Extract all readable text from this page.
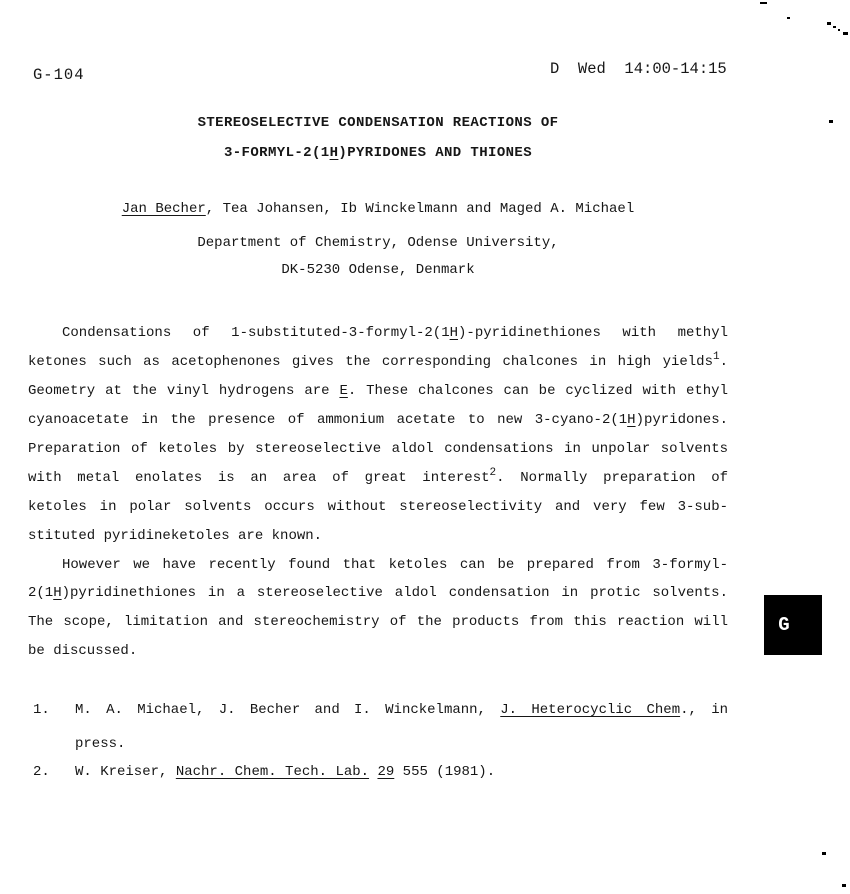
G-104	D  Wed  14:00-14:15
STEREOSELECTIVE CONDENSATION REACTIONS OF
3-FORMYL-2(1H)PYRIDONES AND THIONES
Jan Becher, Tea Johansen, Ib Winckelmann and Maged A. Michael
Department of Chemistry, Odense University,
DK-5230 Odense, Denmark
Condensations of 1-substituted-3-formyl-2(1H)-pyridinethiones with methyl
ketones such as acetophenones gives the corresponding chalcones in high yields$^1$.
Geometry at the vinyl hydrogens are E. These chalcones can be cyclized with ethyl
cyanoacetate in the presence of ammonium acetate to new 3-cyano-2(1H)pyridones.
Preparation of ketoles by stereoselective aldol condensations in unpolar solvents
with metal enolates is an area of great interest$^2$. Normally preparation of
ketoles in polar solvents occurs without stereoselectivity and very few 3-sub-
stituted pyridineketoles are known.
However we have recently found that ketoles can be prepared from 3-formyl-
2(1H)pyridinethiones in a stereoselective aldol condensation in protic solvents.
The scope, limitation and stereochemistry of the products from this reaction will
be discussed.
1.	M. A. Michael, J. Becher and I. Winckelmann, J. Heterocyclic Chem., in
press.
2.	W. Kreiser, Nachr. Chem. Tech. Lab. 29 555 (1981).
G
